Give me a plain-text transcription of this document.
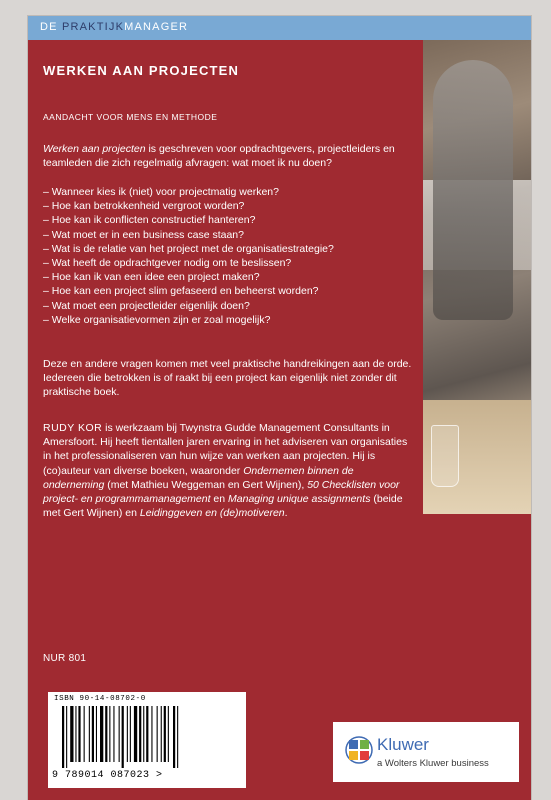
DE PRAKTIJKMANAGER
WERKEN AAN PROJECTEN
AANDACHT VOOR MENS EN METHODE
Werken aan projecten is geschreven voor opdrachtgevers, projectleiders en teamleden die zich regelmatig afvragen: wat moet ik nu doen?
– Wanneer kies ik (niet) voor projectmatig werken?
– Hoe kan betrokkenheid vergroot worden?
– Hoe kan ik conflicten constructief hanteren?
– Wat moet er in een business case staan?
– Wat is de relatie van het project met de organisatiestrategie?
– Wat heeft de opdrachtgever nodig om te beslissen?
– Hoe kan ik van een idee een project maken?
– Hoe kan een project slim gefaseerd en beheerst worden?
– Wat moet een projectleider eigenlijk doen?
– Welke organisatievormen zijn er zoal mogelijk?
Deze en andere vragen komen met veel praktische handreikingen aan de orde. Iedereen die betrokken is of raakt bij een project kan eigenlijk niet zonder dit praktische boek.
RUDY KOR is werkzaam bij Twynstra Gudde Management Consultants in Amersfoort. Hij heeft tientallen jaren ervaring in het adviseren van organisaties in het professionaliseren van hun wijze van werken aan projecten. Hij is (co)auteur van diverse boeken, waaronder Ondernemen binnen de onderneming (met Mathieu Weggeman en Gert Wijnen), 50 Checklisten voor project- en programmamanagement en Managing unique assignments (beide met Gert Wijnen) en Leidinggeven en (de)motiveren.
NUR 801
ISBN 90-14-08702-0
9 789014 087023 >
Kluwer
a Wolters Kluwer business
